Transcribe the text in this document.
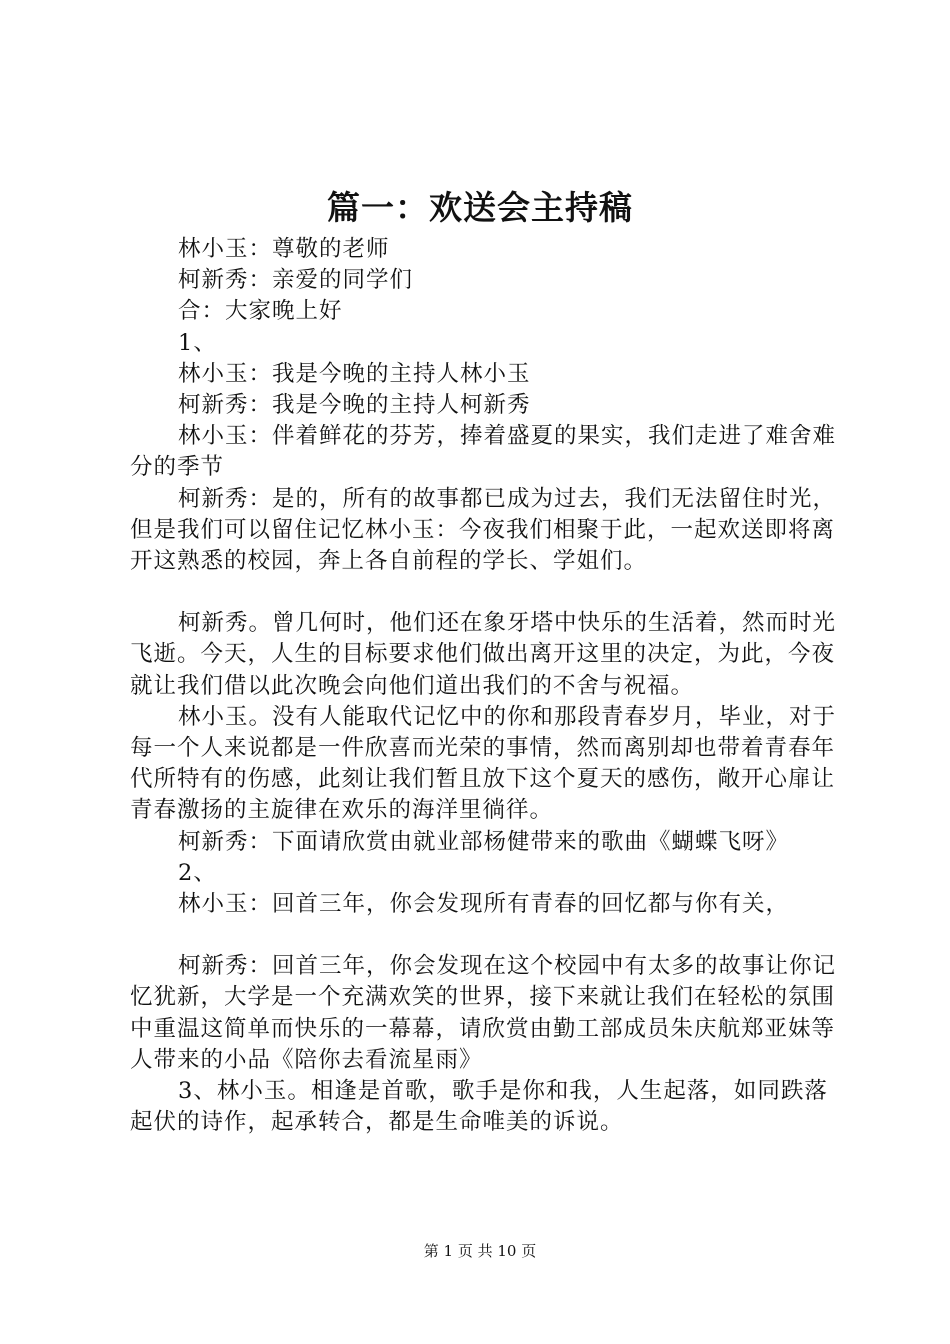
篇一：欢送会主持稿

林小玉：尊敬的老师

柯新秀：亲爱的同学们

合：大家晚上好

1、

林小玉：我是今晚的主持人林小玉

柯新秀：我是今晚的主持人柯新秀

林小玉：伴着鲜花的芬芳，捧着盛夏的果实，我们走进了难舍难分的季节

柯新秀：是的，所有的故事都已成为过去，我们无法留住时光，但是我们可以留住记忆林小玉：今夜我们相聚于此，一起欢送即将离开这熟悉的校园，奔上各自前程的学长、学姐们。

柯新秀。曾几何时，他们还在象牙塔中快乐的生活着，然而时光飞逝。今天，人生的目标要求他们做出离开这里的决定，为此，今夜就让我们借以此次晚会向他们道出我们的不舍与祝福。

林小玉。没有人能取代记忆中的你和那段青春岁月，毕业，对于每一个人来说都是一件欣喜而光荣的事情，然而离别却也带着青春年代所特有的伤感，此刻让我们暂且放下这个夏天的感伤，敞开心扉让青春激扬的主旋律在欢乐的海洋里徜徉。

柯新秀：下面请欣赏由就业部杨健带来的歌曲《蝴蝶飞呀》

2、

林小玉：回首三年，你会发现所有青春的回忆都与你有关，

柯新秀：回首三年，你会发现在这个校园中有太多的故事让你记忆犹新，大学是一个充满欢笑的世界，接下来就让我们在轻松的氛围中重温这简单而快乐的一幕幕，请欣赏由勤工部成员朱庆航郑亚妹等人带来的小品《陪你去看流星雨》

3、林小玉。相逢是首歌，歌手是你和我，人生起落，如同跌落起伏的诗作，起承转合，都是生命唯美的诉说。

第 1 页 共 10 页
